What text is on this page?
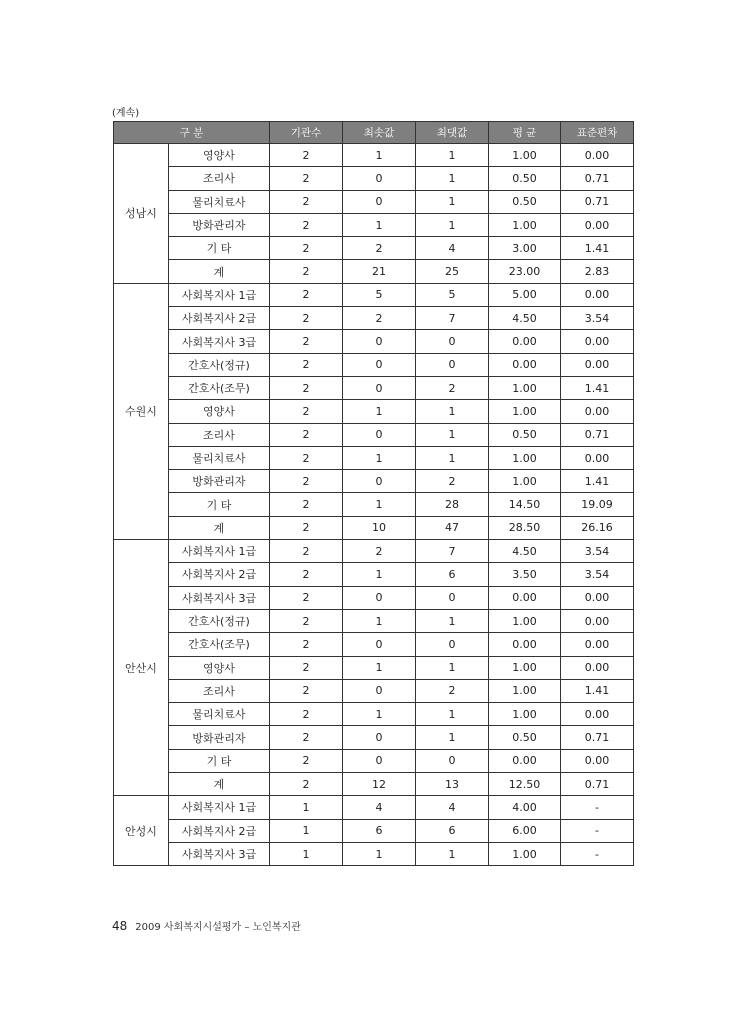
(계속)
구 분		기관수	최솟값	최댓값	평 균	표준편차
성남시	영양사	2	1	1	1.00	0.00
	조리사	2	0	1	0.50	0.71
	물리치료사	2	0	1	0.50	0.71
	방화관리자	2	1	1	1.00	0.00
	기 타	2	2	4	3.00	1.41
	계	2	21	25	23.00	2.83
수원시	사회복지사 1급	2	5	5	5.00	0.00
	사회복지사 2급	2	2	7	4.50	3.54
	사회복지사 3급	2	0	0	0.00	0.00
	간호사(정규)	2	0	0	0.00	0.00
	간호사(조무)	2	0	2	1.00	1.41
	영양사	2	1	1	1.00	0.00
	조리사	2	0	1	0.50	0.71
	물리치료사	2	1	1	1.00	0.00
	방화관리자	2	0	2	1.00	1.41
	기 타	2	1	28	14.50	19.09
	계	2	10	47	28.50	26.16
안산시	사회복지사 1급	2	2	7	4.50	3.54
	사회복지사 2급	2	1	6	3.50	3.54
	사회복지사 3급	2	0	0	0.00	0.00
	간호사(정규)	2	1	1	1.00	0.00
	간호사(조무)	2	0	0	0.00	0.00
	영양사	2	1	1	1.00	0.00
	조리사	2	0	2	1.00	1.41
	물리치료사	2	1	1	1.00	0.00
	방화관리자	2	0	1	0.50	0.71
	기 타	2	0	0	0.00	0.00
	계	2	12	13	12.50	0.71
안성시	사회복지사 1급	1	4	4	4.00	-
	사회복지사 2급	1	6	6	6.00	-
	사회복지사 3급	1	1	1	1.00	-
48 2009 사회복지시설평가 – 노인복지관
